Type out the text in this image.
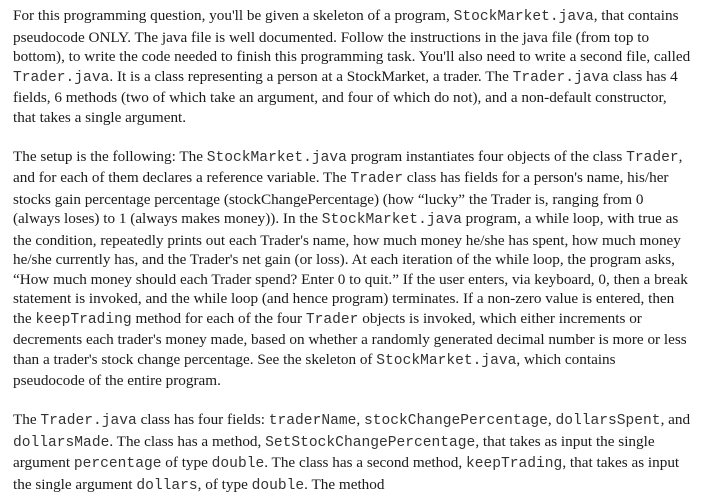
For this programming question, you'll be given a skeleton of a program, StockMarket.java, that contains pseudocode ONLY. The java file is well documented. Follow the instructions in the java file (from top to bottom), to write the code needed to finish this programming task. You'll also need to write a second file, called Trader.java. It is a class representing a person at a StockMarket, a trader. The Trader.java class has 4 fields, 6 methods (two of which take an argument, and four of which do not), and a non-default constructor, that takes a single argument.

The setup is the following: The StockMarket.java program instantiates four objects of the class Trader, and for each of them declares a reference variable. The Trader class has fields for a person's name, his/her stocks gain percentage percentage (stockChangePercentage) (how “lucky” the Trader is, ranging from 0 (always loses) to 1 (always makes money)). In the StockMarket.java program, a while loop, with true as the condition, repeatedly prints out each Trader's name, how much money he/she has spent, how much money he/she currently has, and the Trader's net gain (or loss). At each iteration of the while loop, the program asks, “How much money should each Trader spend? Enter 0 to quit.” If the user enters, via keyboard, 0, then a break statement is invoked, and the while loop (and hence program) terminates. If a non-zero value is entered, then the keepTrading method for each of the four Trader objects is invoked, which either increments or decrements each trader's money made, based on whether a randomly generated decimal number is more or less than a trader's stock change percentage. See the skeleton of StockMarket.java, which contains pseudocode of the entire program.

The Trader.java class has four fields: traderName, stockChangePercentage, dollarsSpent, and dollarsMade. The class has a method, SetStockChangePercentage, that takes as input the single argument percentage of type double. The class has a second method, keepTrading, that takes as input the single argument dollars, of type double. The method
